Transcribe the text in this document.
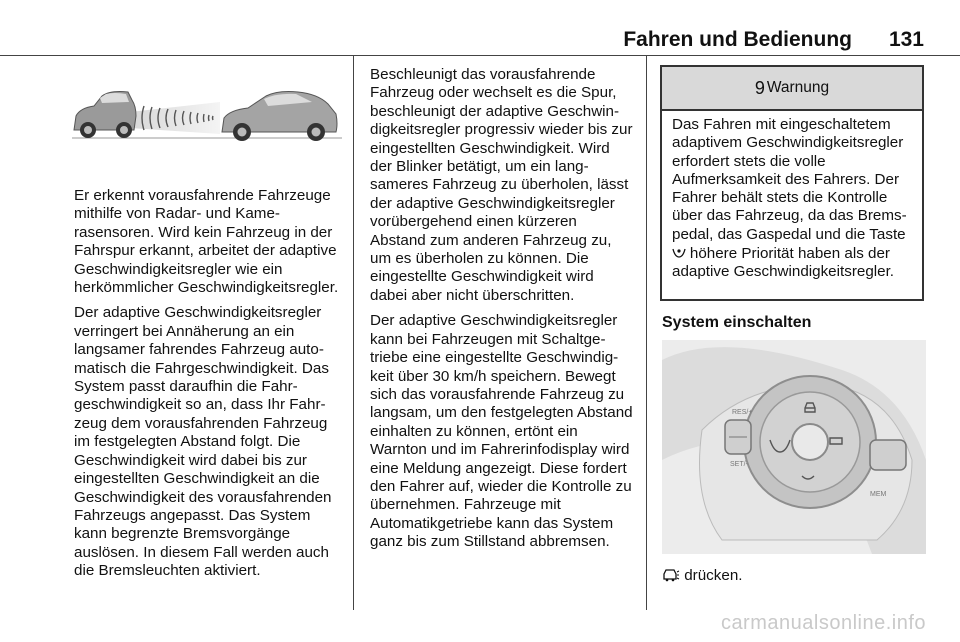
Fahren und Bedienung 131

Er erkennt vorausfahrende Fahrzeuge mithilfe von Radar- und Kamerasensoren. Wird kein Fahrzeug in der Fahrspur erkannt, arbeitet der adaptive Geschwindigkeitsregler wie ein herkömmlicher Geschwindigkeitsregler.

Der adaptive Geschwindigkeitsregler verringert bei Annäherung an ein langsamer fahrendes Fahrzeug automatisch die Fahrgeschwindigkeit. Das System passt daraufhin die Fahrgeschwindigkeit so an, dass Ihr Fahrzeug dem vorausfahrenden Fahrzeug im festgelegten Abstand folgt. Die Geschwindigkeit wird dabei bis zur eingestellten Geschwindigkeit an die Geschwindigkeit des vorausfahrenden Fahrzeugs angepasst. Das System kann begrenzte Bremsvorgänge auslösen. In diesem Fall werden auch die Bremsleuchten aktiviert.

Beschleunigt das vorausfahrende Fahrzeug oder wechselt es die Spur, beschleunigt der adaptive Geschwindigkeitsregler progressiv wieder bis zur eingestellten Geschwindigkeit. Wird der Blinker betätigt, um ein langsameres Fahrzeug zu überholen, lässt der adaptive Geschwindigkeitsregler vorübergehend einen kürzeren Abstand zum anderen Fahrzeug zu, um es überholen zu können. Die eingestellte Geschwindigkeit wird dabei aber nicht überschritten.

Der adaptive Geschwindigkeitsregler kann bei Fahrzeugen mit Schaltgetriebe eine eingestellte Geschwindigkeit über 30 km/h speichern. Bewegt sich das vorausfahrende Fahrzeug zu langsam, um den festgelegten Abstand einhalten zu können, ertönt ein Warnton und im Fahrerinfodisplay wird eine Meldung angezeigt. Diese fordert den Fahrer auf, wieder die Kontrolle zu übernehmen. Fahrzeuge mit Automatikgetriebe kann das System ganz bis zum Stillstand abbremsen.

9 Warnung
Das Fahren mit eingeschaltetem adaptivem Geschwindigkeitsregler erfordert stets die volle Aufmerksamkeit des Fahrers. Der Fahrer behält stets die Kontrolle über das Fahrzeug, da das Bremspedal, das Gaspedal und die Taste  höhere Priorität haben als der adaptive Geschwindigkeitsregler.
System einschalten
RES/+
SET/-
MEM
drücken.
carmanualsonline.info
